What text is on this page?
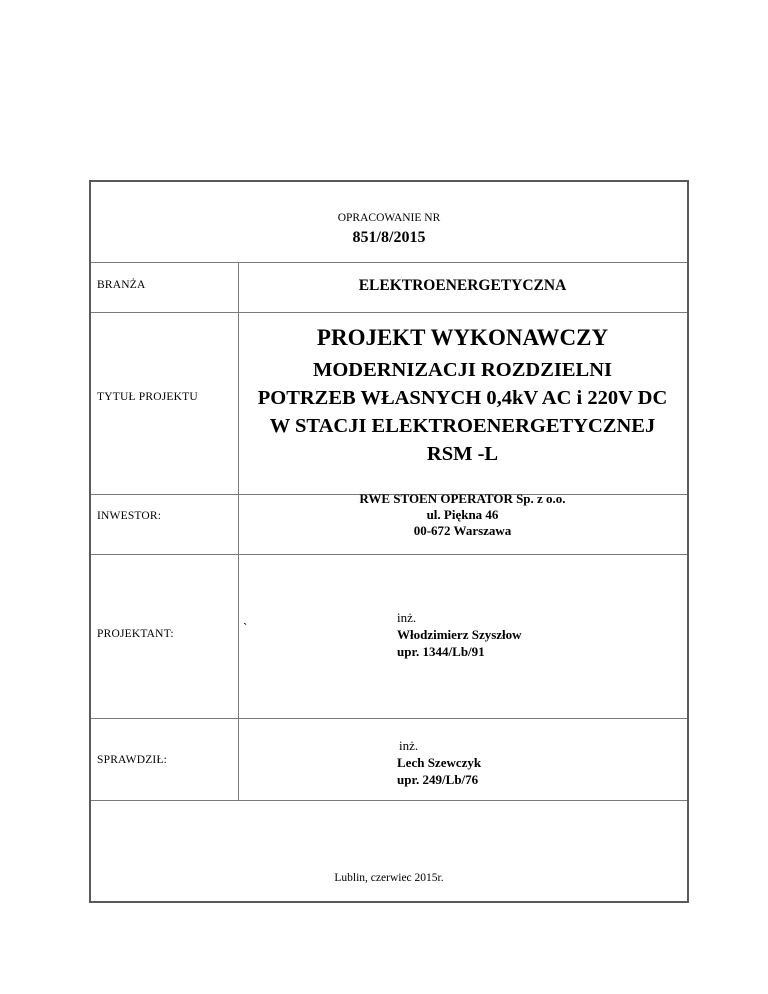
OPRACOWANIE NR
851/8/2015
BRANŻA	ELEKTROENERGETYCZNA
TYTUŁ PROJEKTU
PROJEKT WYKONAWCZY
MODERNIZACJI ROZDZIELNI
POTRZEB WŁASNYCH 0,4kV AC i 220V DC
W STACJI ELEKTROENERGETYCZNEJ
RSM -L
INWESTOR:
RWE STOEN OPERATOR Sp. z o.o.
ul. Piękna 46
00-672 Warszawa
PROJEKTANT:	`
inż.
Włodzimierz Szyszłow
upr. 1344/Lb/91
SPRAWDZIŁ:
inż.
Lech Szewczyk
upr. 249/Lb/76
Lublin, czerwiec 2015r.
